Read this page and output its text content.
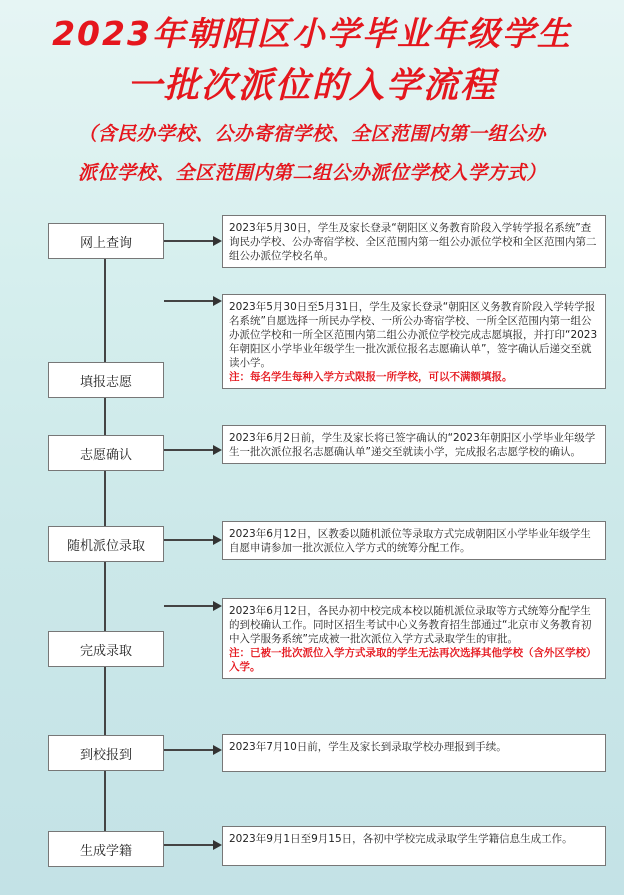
2023年朝阳区小学毕业年级学生
一批次派位的入学流程
（含民办学校、公办寄宿学校、全区范围内第一组公办
派位学校、全区范围内第二组公办派位学校入学方式）
网上查询
2023年5月30日，学生及家长登录“朝阳区义务教育阶段入学转学报名系统”查询民办学校、公办寄宿学校、全区范围内第一组公办派位学校和全区范围内第二组公办派位学校名单。
填报志愿
2023年5月30日至5月31日，学生及家长登录“朝阳区义务教育阶段入学转学报名系统”自愿选择一所民办学校、一所公办寄宿学校、一所全区范围内第一组公办派位学校和一所全区范围内第二组公办派位学校完成志愿填报，并打印“2023年朝阳区小学毕业年级学生一批次派位报名志愿确认单”，签字确认后递交至就读小学。
注：每名学生每种入学方式限报一所学校，可以不满额填报。
志愿确认
2023年6月2日前，学生及家长将已签字确认的“2023年朝阳区小学毕业年级学生一批次派位报名志愿确认单”递交至就读小学，完成报名志愿学校的确认。
随机派位录取
2023年6月12日，区教委以随机派位等录取方式完成朝阳区小学毕业年级学生自愿申请参加一批次派位入学方式的统筹分配工作。
完成录取
2023年6月12日，各民办初中校完成本校以随机派位录取等方式统筹分配学生的到校确认工作。同时区招生考试中心义务教育招生部通过“北京市义务教育初中入学服务系统”完成被一批次派位入学方式录取学生的审批。
注：已被一批次派位入学方式录取的学生无法再次选择其他学校（含外区学校）入学。
到校报到
2023年7月10日前，学生及家长到录取学校办理报到手续。
生成学籍
2023年9月1日至9月15日，各初中学校完成录取学生学籍信息生成工作。
